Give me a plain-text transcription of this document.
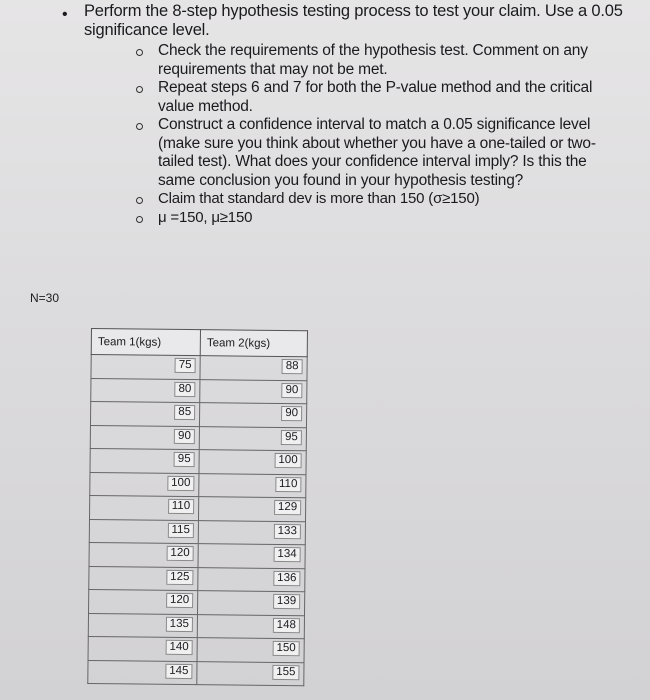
• Perform the 8-step hypothesis testing process to test your claim. Use a 0.05 significance level.
Check the requirements of the hypothesis test. Comment on any requirements that may not be met.
Repeat steps 6 and 7 for both the P-value method and the critical value method.
Construct a confidence interval to match a 0.05 significance level (make sure you think about whether you have a one-tailed or two-tailed test). What does your confidence interval imply? Is this the same conclusion you found in your hypothesis testing?
Claim that standard dev is more than 150 (σ≥150)
μ =150, μ≥150
N=30
Team 1(kgs)	Team 2(kgs)
75	88
80	90
85	90
90	95
95	100
100	110
110	129
115	133
120	134
125	136
120	139
135	148
140	150
145	155
